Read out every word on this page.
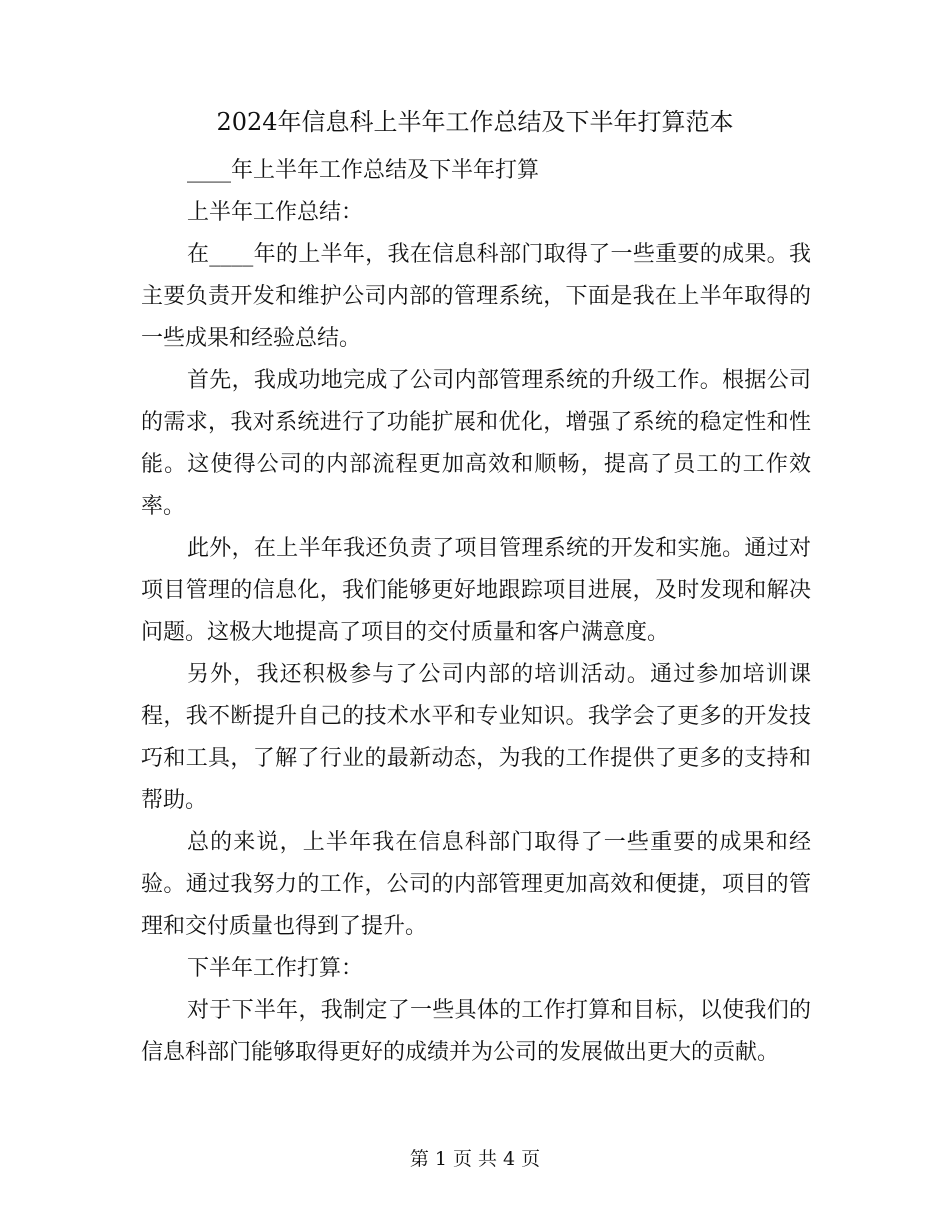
2024年信息科上半年工作总结及下半年打算范本

____年上半年工作总结及下半年打算

上半年工作总结：

在____年的上半年，我在信息科部门取得了一些重要的成果。我主要负责开发和维护公司内部的管理系统，下面是我在上半年取得的一些成果和经验总结。

首先，我成功地完成了公司内部管理系统的升级工作。根据公司的需求，我对系统进行了功能扩展和优化，增强了系统的稳定性和性能。这使得公司的内部流程更加高效和顺畅，提高了员工的工作效率。

此外，在上半年我还负责了项目管理系统的开发和实施。通过对项目管理的信息化，我们能够更好地跟踪项目进展，及时发现和解决问题。这极大地提高了项目的交付质量和客户满意度。

另外，我还积极参与了公司内部的培训活动。通过参加培训课程，我不断提升自己的技术水平和专业知识。我学会了更多的开发技巧和工具，了解了行业的最新动态，为我的工作提供了更多的支持和帮助。

总的来说，上半年我在信息科部门取得了一些重要的成果和经验。通过我努力的工作，公司的内部管理更加高效和便捷，项目的管理和交付质量也得到了提升。

下半年工作打算：

对于下半年，我制定了一些具体的工作打算和目标，以使我们的信息科部门能够取得更好的成绩并为公司的发展做出更大的贡献。

第 1 页 共 4 页
